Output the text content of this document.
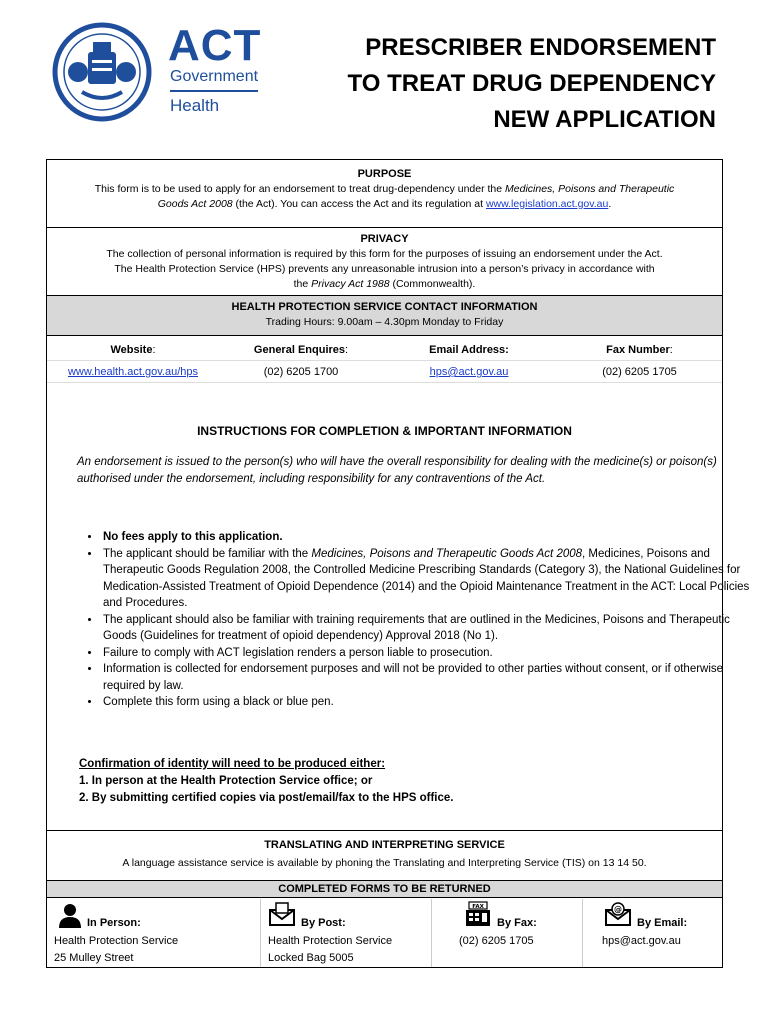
ACT
Government
Health
PRESCRIBER ENDORSEMENT
TO TREAT DRUG DEPENDENCY
NEW APPLICATION
PURPOSE
This form is to be used to apply for an endorsement to treat drug-dependency under the Medicines, Poisons and Therapeutic
Goods Act 2008 (the Act). You can access the Act and its regulation at www.legislation.act.gov.au.
PRIVACY
The collection of personal information is required by this form for the purposes of issuing an endorsement under the Act.
The Health Protection Service (HPS) prevents any unreasonable intrusion into a person’s privacy in accordance with
the Privacy Act 1988 (Commonwealth).
HEALTH PROTECTION SERVICE CONTACT INFORMATION
Trading Hours: 9.00am – 4.30pm Monday to Friday
Website:	General Enquires:	Email Address:	Fax Number:
www.health.act.gov.au/hps	(02) 6205 1700	hps@act.gov.au	(02) 6205 1705
INSTRUCTIONS FOR COMPLETION & IMPORTANT INFORMATION
An endorsement is issued to the person(s) who will have the overall responsibility for dealing with the medicine(s) or poison(s) authorised under the endorsement, including responsibility for any contraventions of the Act.
• No fees apply to this application.
• The applicant should be familiar with the Medicines, Poisons and Therapeutic Goods Act 2008, Medicines, Poisons and Therapeutic Goods Regulation 2008, the Controlled Medicine Prescribing Standards (Category 3), the National Guidelines for Medication-Assisted Treatment of Opioid Dependence (2014) and the Opioid Maintenance Treatment in the ACT: Local Policies and Procedures.
• The applicant should also be familiar with training requirements that are outlined in the Medicines, Poisons and Therapeutic Goods (Guidelines for treatment of opioid dependency) Approval 2018 (No 1).
• Failure to comply with ACT legislation renders a person liable to prosecution.
• Information is collected for endorsement purposes and will not be provided to other parties without consent, or if otherwise required by law.
• Complete this form using a black or blue pen.
Confirmation of identity will need to be produced either:
1. In person at the Health Protection Service office; or
2. By submitting certified copies via post/email/fax to the HPS office.
TRANSLATING AND INTERPRETING SERVICE
A language assistance service is available by phoning the Translating and Interpreting Service (TIS) on 13 14 50.
COMPLETED FORMS TO BE RETURNED
In Person:
Health Protection Service
25 Mulley Street
By Post:
Health Protection Service
Locked Bag 5005
FAX
By Fax:
(02) 6205 1705
@
By Email:
hps@act.gov.au
